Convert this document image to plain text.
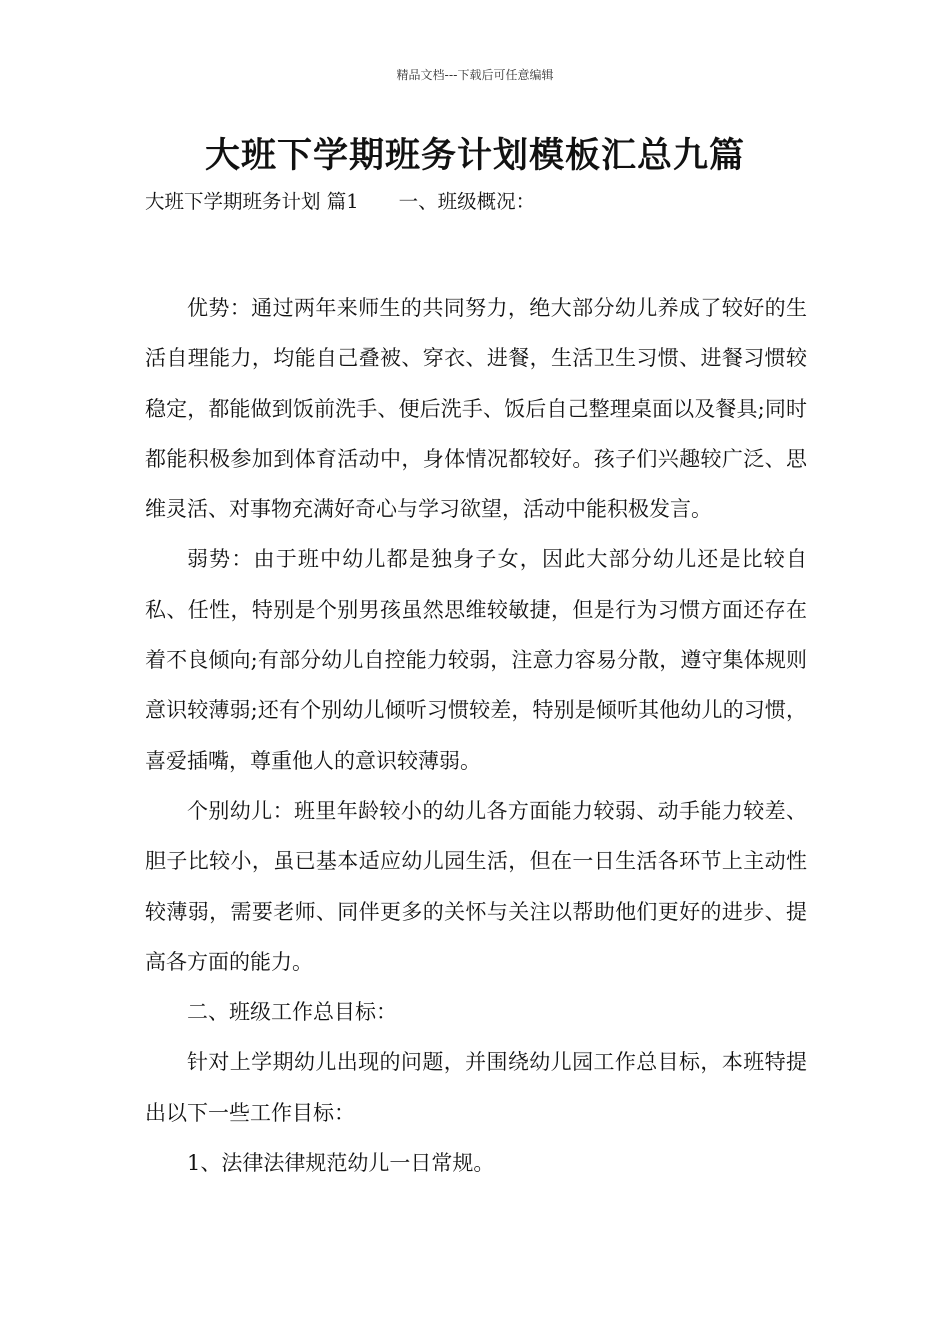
精品文档---下载后可任意编辑
大班下学期班务计划模板汇总九篇
大班下学期班务计划 篇1 一、班级概况：

优势：通过两年来师生的共同努力，绝大部分幼儿养成了较好的生活自理能力，均能自己叠被、穿衣、进餐，生活卫生习惯、进餐习惯较稳定，都能做到饭前洗手、便后洗手、饭后自己整理桌面以及餐具;同时都能积极参加到体育活动中，身体情况都较好。孩子们兴趣较广泛、思维灵活、对事物充满好奇心与学习欲望，活动中能积极发言。

弱势：由于班中幼儿都是独身子女，因此大部分幼儿还是比较自私、任性，特别是个别男孩虽然思维较敏捷，但是行为习惯方面还存在着不良倾向;有部分幼儿自控能力较弱，注意力容易分散，遵守集体规则意识较薄弱;还有个别幼儿倾听习惯较差，特别是倾听其他幼儿的习惯，喜爱插嘴，尊重他人的意识较薄弱。

个别幼儿：班里年龄较小的幼儿各方面能力较弱、动手能力较差、胆子比较小，虽已基本适应幼儿园生活，但在一日生活各环节上主动性较薄弱，需要老师、同伴更多的关怀与关注以帮助他们更好的进步、提高各方面的能力。

二、班级工作总目标：

针对上学期幼儿出现的问题，并围绕幼儿园工作总目标，本班特提出以下一些工作目标：

1、法律法律规范幼儿一日常规。
